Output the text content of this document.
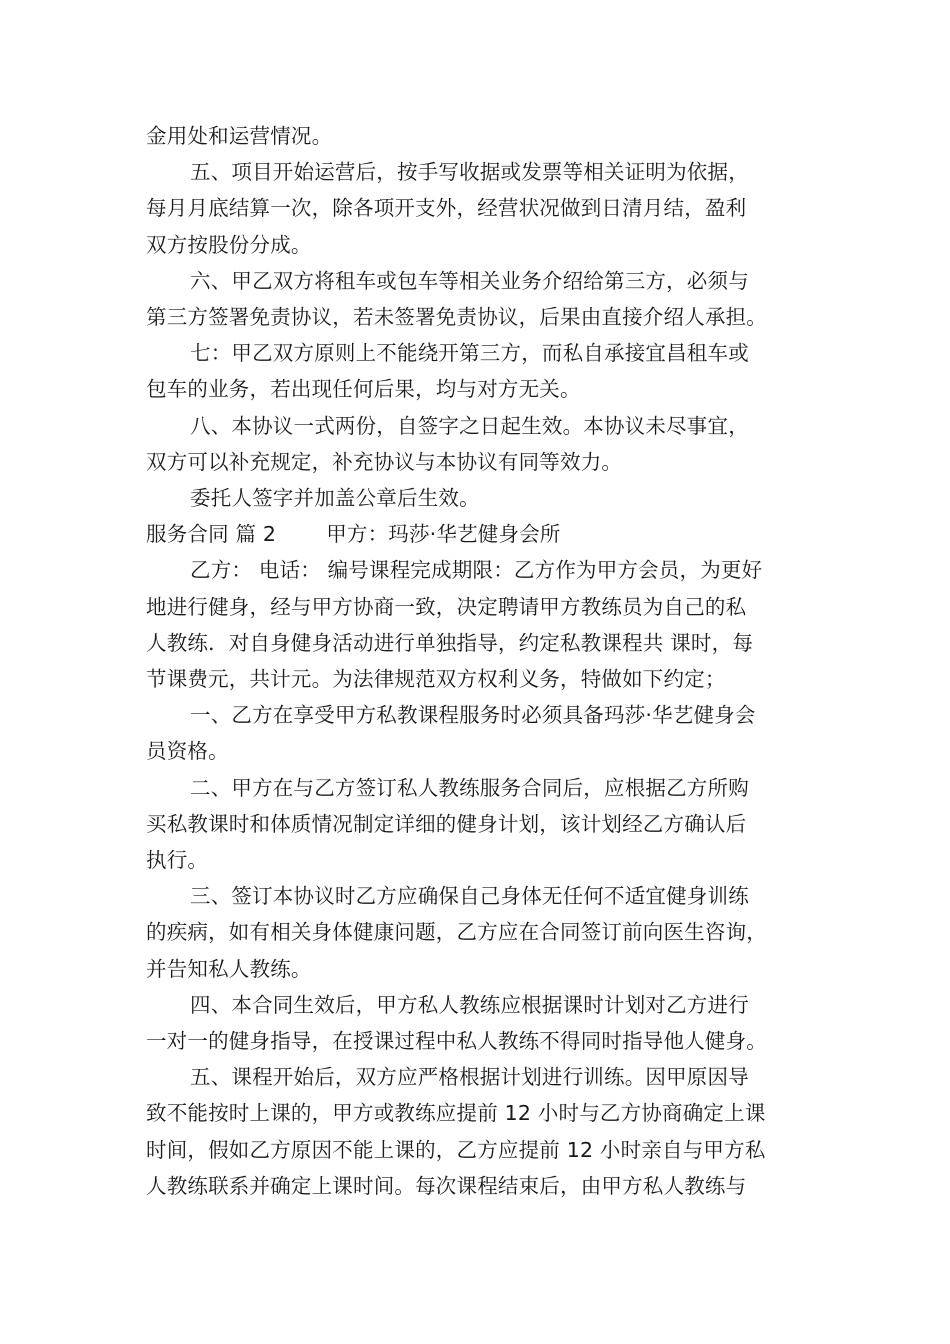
金用处和运营情况。
五、项目开始运营后，按手写收据或发票等相关证明为依据，
每月月底结算一次，除各项开支外，经营状况做到日清月结，盈利
双方按股份分成。
六、甲乙双方将租车或包车等相关业务介绍给第三方，必须与
第三方签署免责协议，若未签署免责协议，后果由直接介绍人承担。
七：甲乙双方原则上不能绕开第三方，而私自承接宜昌租车或
包车的业务，若出现任何后果，均与对方无关。
八、本协议一式两份，自签字之日起生效。本协议未尽事宜，
双方可以补充规定，补充协议与本协议有同等效力。
委托人签字并加盖公章后生效。
服务合同 篇 2 甲方：玛莎·华艺健身会所
乙方： 电话： 编号课程完成期限：乙方作为甲方会员，为更好
地进行健身，经与甲方协商一致，决定聘请甲方教练员为自己的私
人教练．对自身健身活动进行单独指导，约定私教课程共 课时，每
节课费元，共计元。为法律规范双方权利义务，特做如下约定；
一、乙方在享受甲方私教课程服务时必须具备玛莎·华艺健身会
员资格。
二、甲方在与乙方签订私人教练服务合同后，应根据乙方所购
买私教课时和体质情况制定详细的健身计划，该计划经乙方确认后
执行。
三、签订本协议时乙方应确保自己身体无任何不适宜健身训练
的疾病，如有相关身体健康问题，乙方应在合同签订前向医生咨询，
并告知私人教练。
四、本合同生效后，甲方私人教练应根据课时计划对乙方进行
一对一的健身指导，在授课过程中私人教练不得同时指导他人健身。
五、课程开始后，双方应严格根据计划进行训练。因甲原因导
致不能按时上课的，甲方或教练应提前 12 小时与乙方协商确定上课
时间，假如乙方原因不能上课的，乙方应提前 12 小时亲自与甲方私
人教练联系并确定上课时间。每次课程结束后，由甲方私人教练与
